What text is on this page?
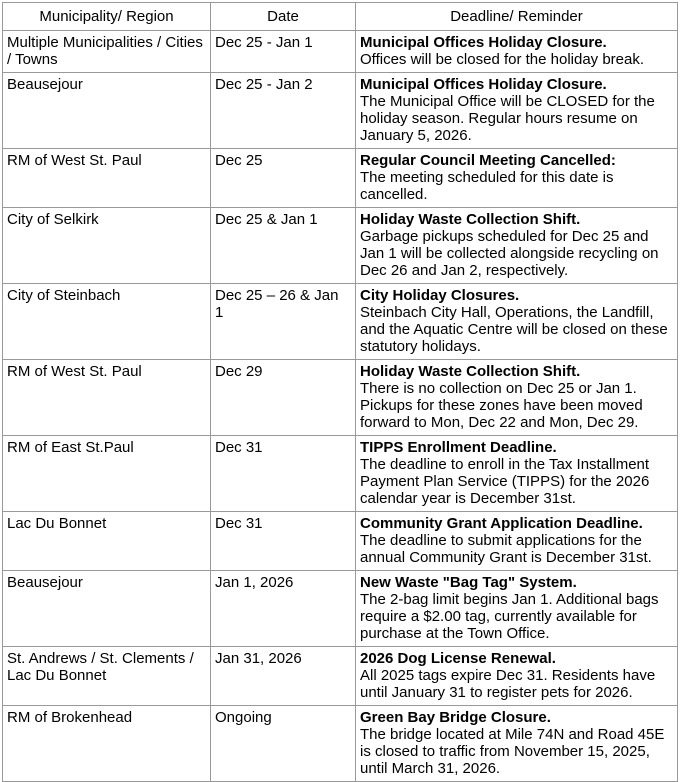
Municipality/ Region	Date	Deadline/ Reminder
Multiple Municipalities / Cities / Towns	Dec 25 - Jan 1	Municipal Offices Holiday Closure.
Offices will be closed for the holiday break.
Beausejour	Dec 25 - Jan 2	Municipal Offices Holiday Closure.
The Municipal Office will be CLOSED for the holiday season. Regular hours resume on January 5, 2026.
RM of West St. Paul	Dec 25	Regular Council Meeting Cancelled:
The meeting scheduled for this date is cancelled.
City of Selkirk	Dec 25 & Jan 1	Holiday Waste Collection Shift.
Garbage pickups scheduled for Dec 25 and Jan 1 will be collected alongside recycling on Dec 26 and Jan 2, respectively.
City of Steinbach	Dec 25 – 26 & Jan 1	City Holiday Closures.
Steinbach City Hall, Operations, the Landfill, and the Aquatic Centre will be closed on these statutory holidays.
RM of West St. Paul	Dec 29	Holiday Waste Collection Shift.
There is no collection on Dec 25 or Jan 1. Pickups for these zones have been moved forward to Mon, Dec 22 and Mon, Dec 29.
RM of East St.Paul	Dec 31	TIPPS Enrollment Deadline.
The deadline to enroll in the Tax Installment Payment Plan Service (TIPPS) for the 2026 calendar year is December 31st.
Lac Du Bonnet	Dec 31	Community Grant Application Deadline.
The deadline to submit applications for the annual Community Grant is December 31st.
Beausejour	Jan 1, 2026	New Waste "Bag Tag" System.
The 2-bag limit begins Jan 1. Additional bags require a $2.00 tag, currently available for purchase at the Town Office.
St. Andrews / St. Clements / Lac Du Bonnet	Jan 31, 2026	2026 Dog License Renewal.
All 2025 tags expire Dec 31. Residents have until January 31 to register pets for 2026.
RM of Brokenhead	Ongoing	Green Bay Bridge Closure.
The bridge located at Mile 74N and Road 45E is closed to traffic from November 15, 2025, until March 31, 2026.
